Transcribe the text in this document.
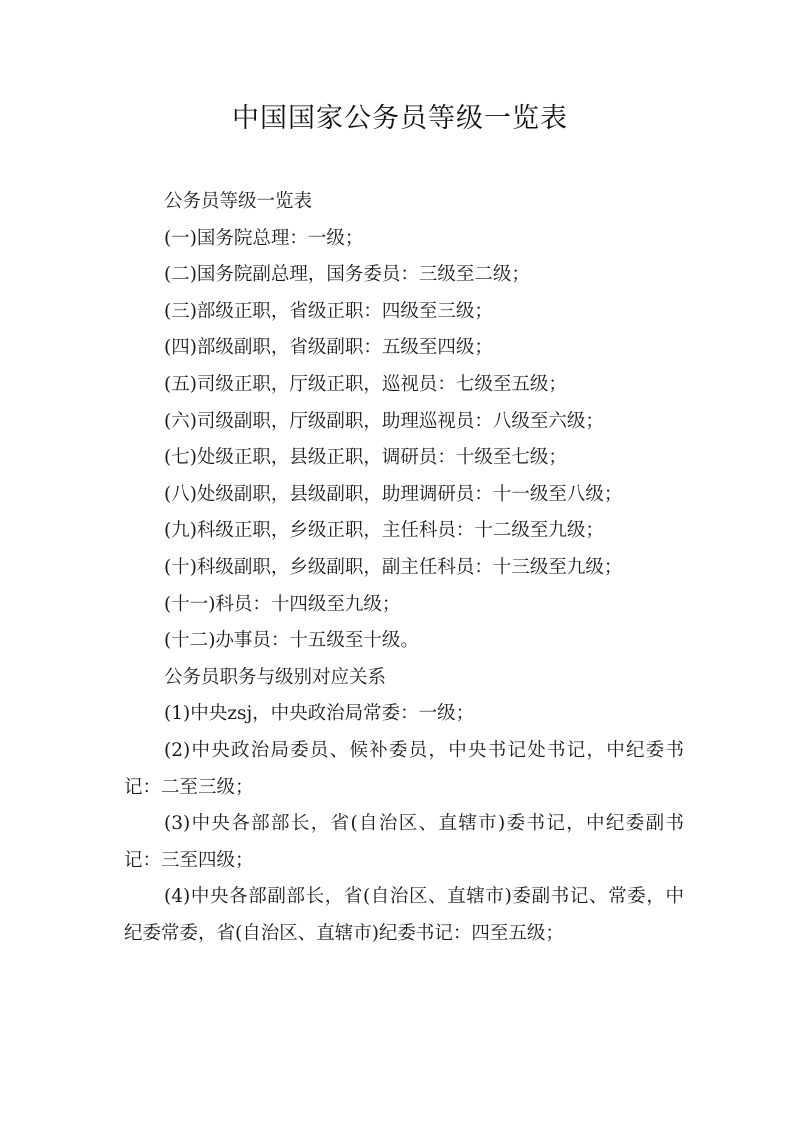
中国国家公务员等级一览表

公务员等级一览表

(一)国务院总理：一级；

(二)国务院副总理，国务委员：三级至二级；

(三)部级正职，省级正职：四级至三级；

(四)部级副职，省级副职：五级至四级；

(五)司级正职，厅级正职，巡视员：七级至五级；

(六)司级副职，厅级副职，助理巡视员：八级至六级；

(七)处级正职，县级正职，调研员：十级至七级；

(八)处级副职，县级副职，助理调研员：十一级至八级；

(九)科级正职，乡级正职，主任科员：十二级至九级；

(十)科级副职，乡级副职，副主任科员：十三级至九级；

(十一)科员：十四级至九级；

(十二)办事员：十五级至十级。

公务员职务与级别对应关系

(1)中央zsj，中央政治局常委：一级；

(2)中央政治局委员、候补委员，中央书记处书记，中纪委书记：二至三级；

(3)中央各部部长，省(自治区、直辖市)委书记，中纪委副书记：三至四级；

(4)中央各部副部长，省(自治区、直辖市)委副书记、常委，中纪委常委，省(自治区、直辖市)纪委书记：四至五级；
